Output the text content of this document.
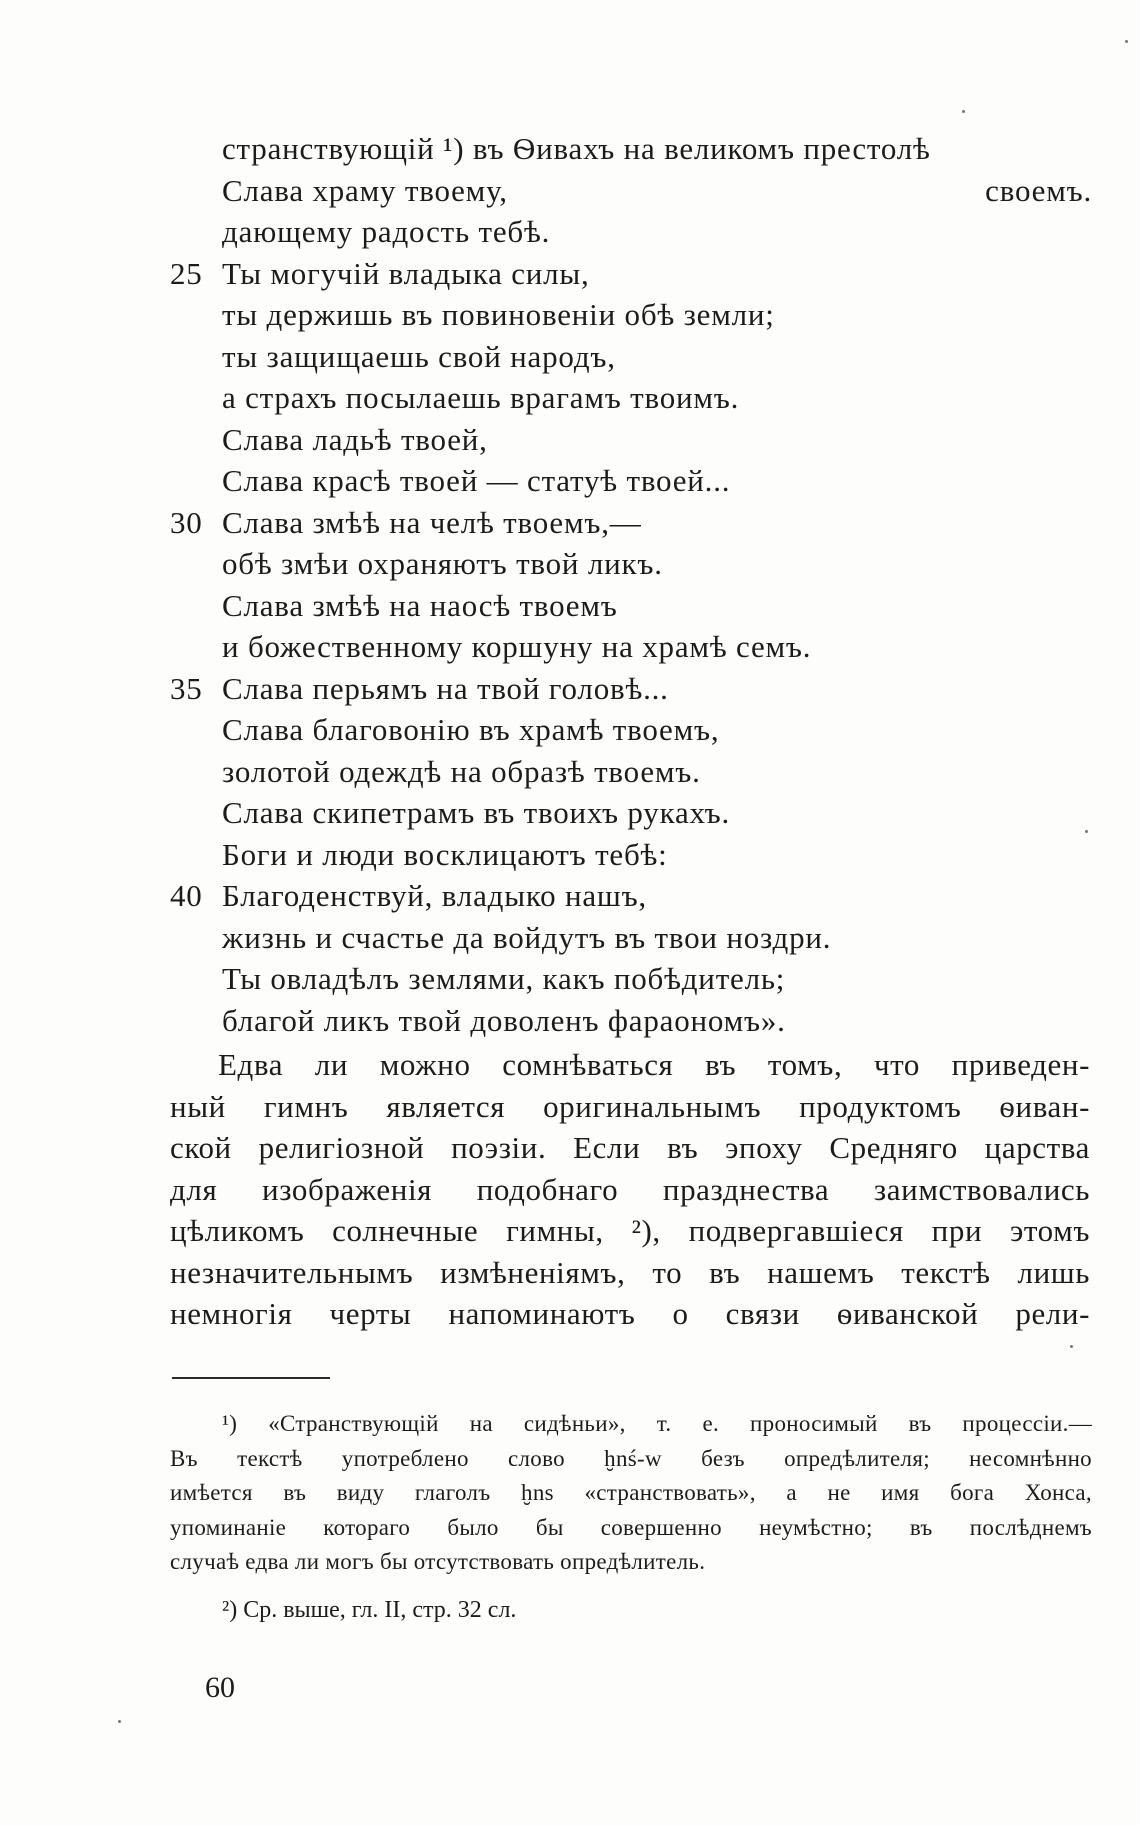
странствующій ¹) въ Ѳивахъ на великомъ престолѣ
Слава храму твоему,	своемъ.
дающему радость тебѣ.
25 Ты могучій владыка силы,
ты держишь въ повиновеніи обѣ земли;
ты защищаешь свой народъ,
а страхъ посылаешь врагамъ твоимъ.
Слава ладьѣ твоей,
Слава красѣ твоей — статуѣ твоей...
30 Слава змѣѣ на челѣ твоемъ,—
обѣ змѣи охраняютъ твой ликъ.
Слава змѣѣ на наосѣ твоемъ
и божественному коршуну на храмѣ семъ.
35 Слава перьямъ на твой головѣ...
Слава благовонію въ храмѣ твоемъ,
золотой одеждѣ на образѣ твоемъ.
Слава скипетрамъ въ твоихъ рукахъ.
Боги и люди восклицаютъ тебѣ:
40 Благоденствуй, владыко нашъ,
жизнь и счастье да войдутъ въ твои ноздри.
Ты овладѣлъ землями, какъ побѣдитель;
благой ликъ твой доволенъ фараономъ».
Едва ли можно сомнѣваться въ томъ, что приведен-
ный гимнъ является оригинальнымъ продуктомъ ѳиван-
ской религіозной поэзіи. Если въ эпоху Средняго царства
для изображенія подобнаго празднества заимствовались
цѣликомъ солнечные гимны, ²), подвергавшіеся при этомъ
незначительнымъ измѣненіямъ, то въ нашемъ текстѣ лишь
немногія черты напоминаютъ о связи ѳиванской рели-
¹) «Странствующій на сидѣньи», т. е. проносимый въ процессіи.—
Въ текстѣ употреблено слово ḫnś-w безъ опредѣлителя; несомнѣнно
имѣется въ виду глаголъ ḫns «странствовать», а не имя бога Хонса,
упоминаніе котораго было бы совершенно неумѣстно; въ послѣднемъ
случаѣ едва ли могъ бы отсутствовать опредѣлитель.
²) Ср. выше, гл. II, стр. 32 сл.
60
